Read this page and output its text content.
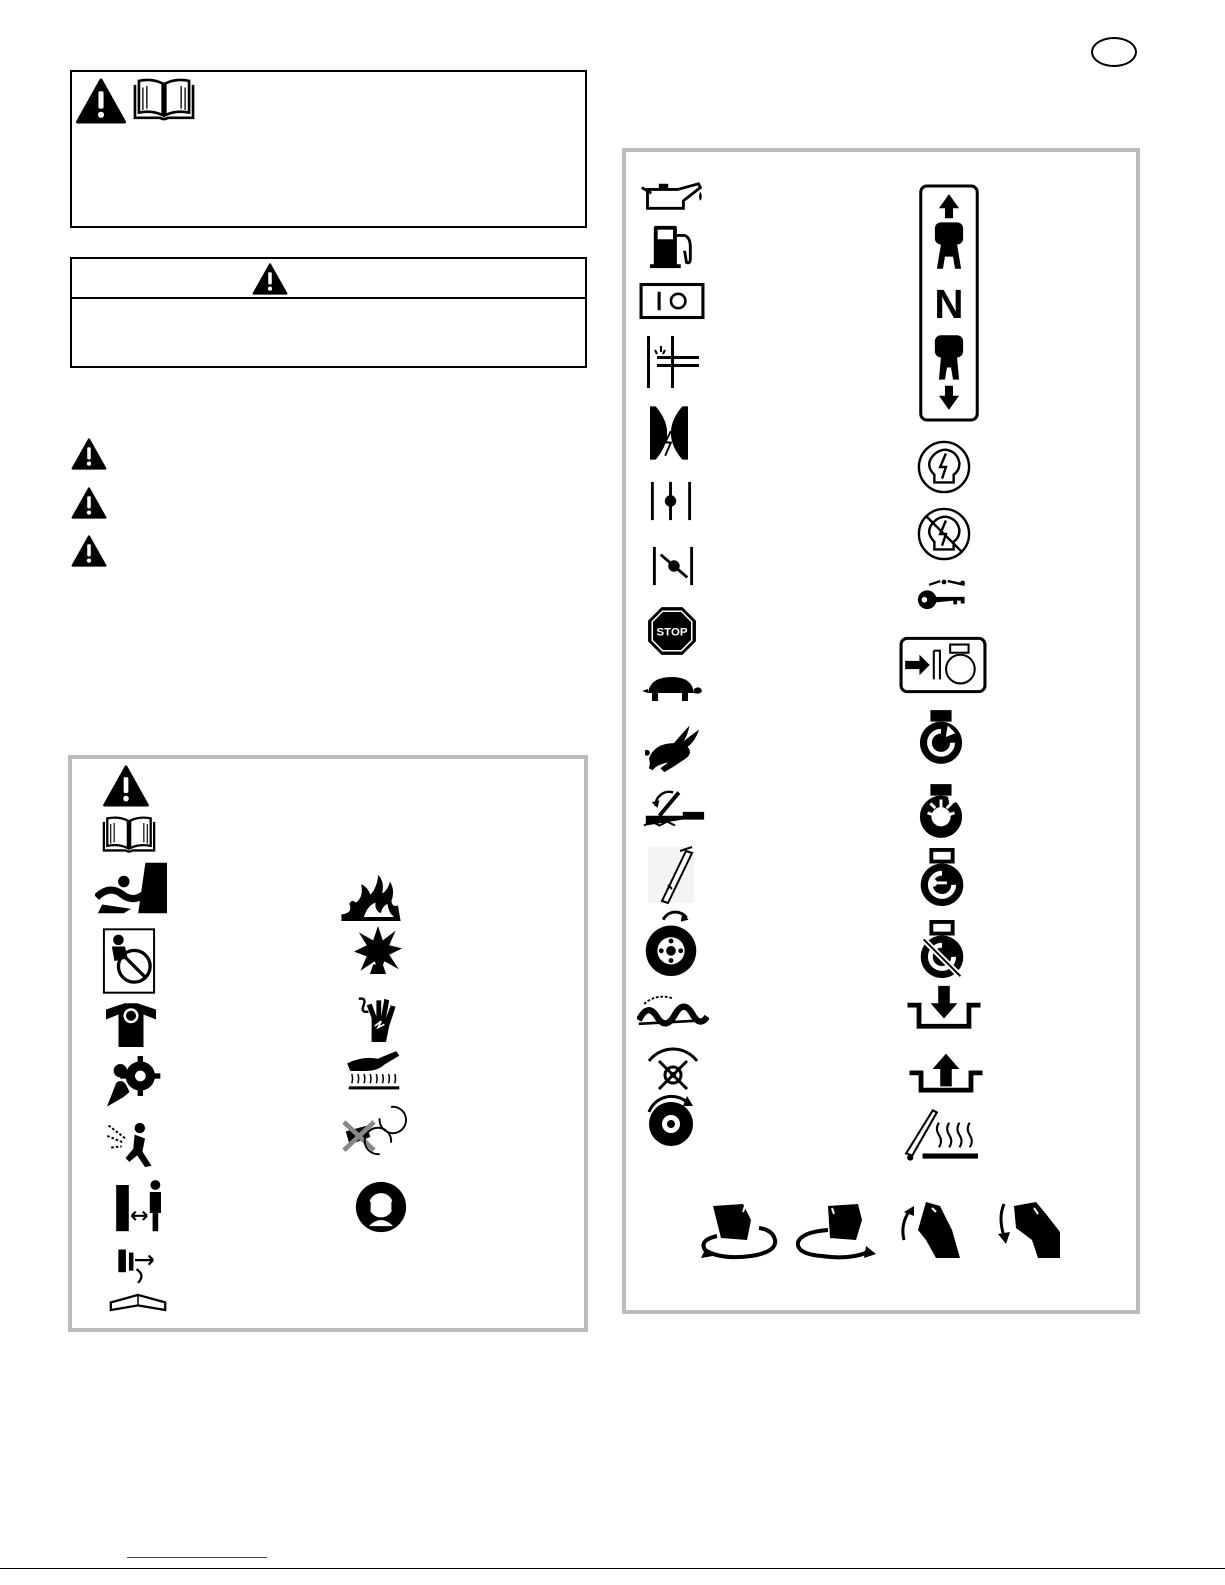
STOP
N
